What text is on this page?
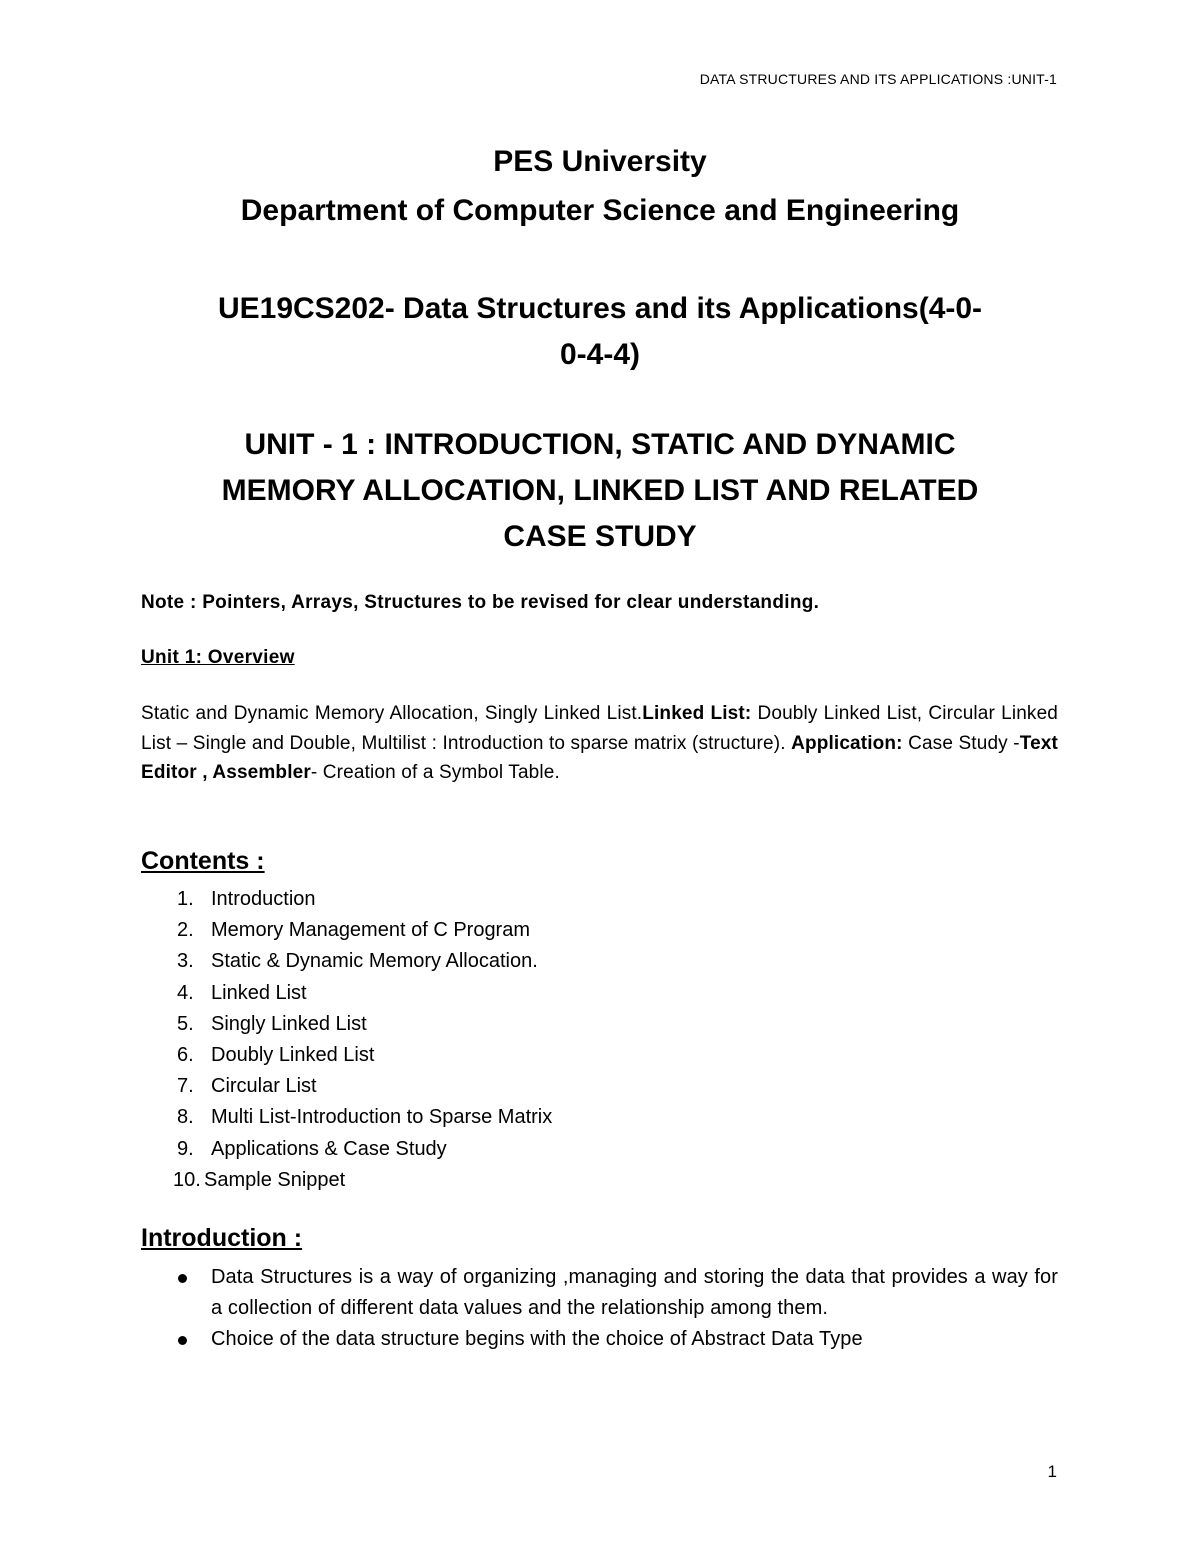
DATA STRUCTURES AND ITS APPLICATIONS :UNIT-1
PES University
Department of Computer Science and Engineering
UE19CS202- Data Structures and its Applications(4-0-
0-4-4)
UNIT - 1 : INTRODUCTION, STATIC AND DYNAMIC
MEMORY ALLOCATION, LINKED LIST AND RELATED
CASE STUDY
Note : Pointers, Arrays, Structures to be revised for clear understanding.
Unit 1: Overview
Static and Dynamic Memory Allocation, Singly Linked List.Linked List: Doubly Linked List, Circular Linked List – Single and Double, Multilist : Introduction to sparse matrix (structure). Application: Case Study -Text Editor , Assembler- Creation of a Symbol Table.
Contents :
1. Introduction
2. Memory Management of C Program
3. Static & Dynamic Memory Allocation.
4. Linked List
5. Singly Linked List
6. Doubly Linked List
7. Circular List
8. Multi List-Introduction to Sparse Matrix
9. Applications & Case Study
10. Sample Snippet
Introduction :
Data Structures is a way of organizing ,managing and storing the data that provides a way for a collection of different data values and the relationship among them.
Choice of the data structure begins with the choice of Abstract Data Type
1
